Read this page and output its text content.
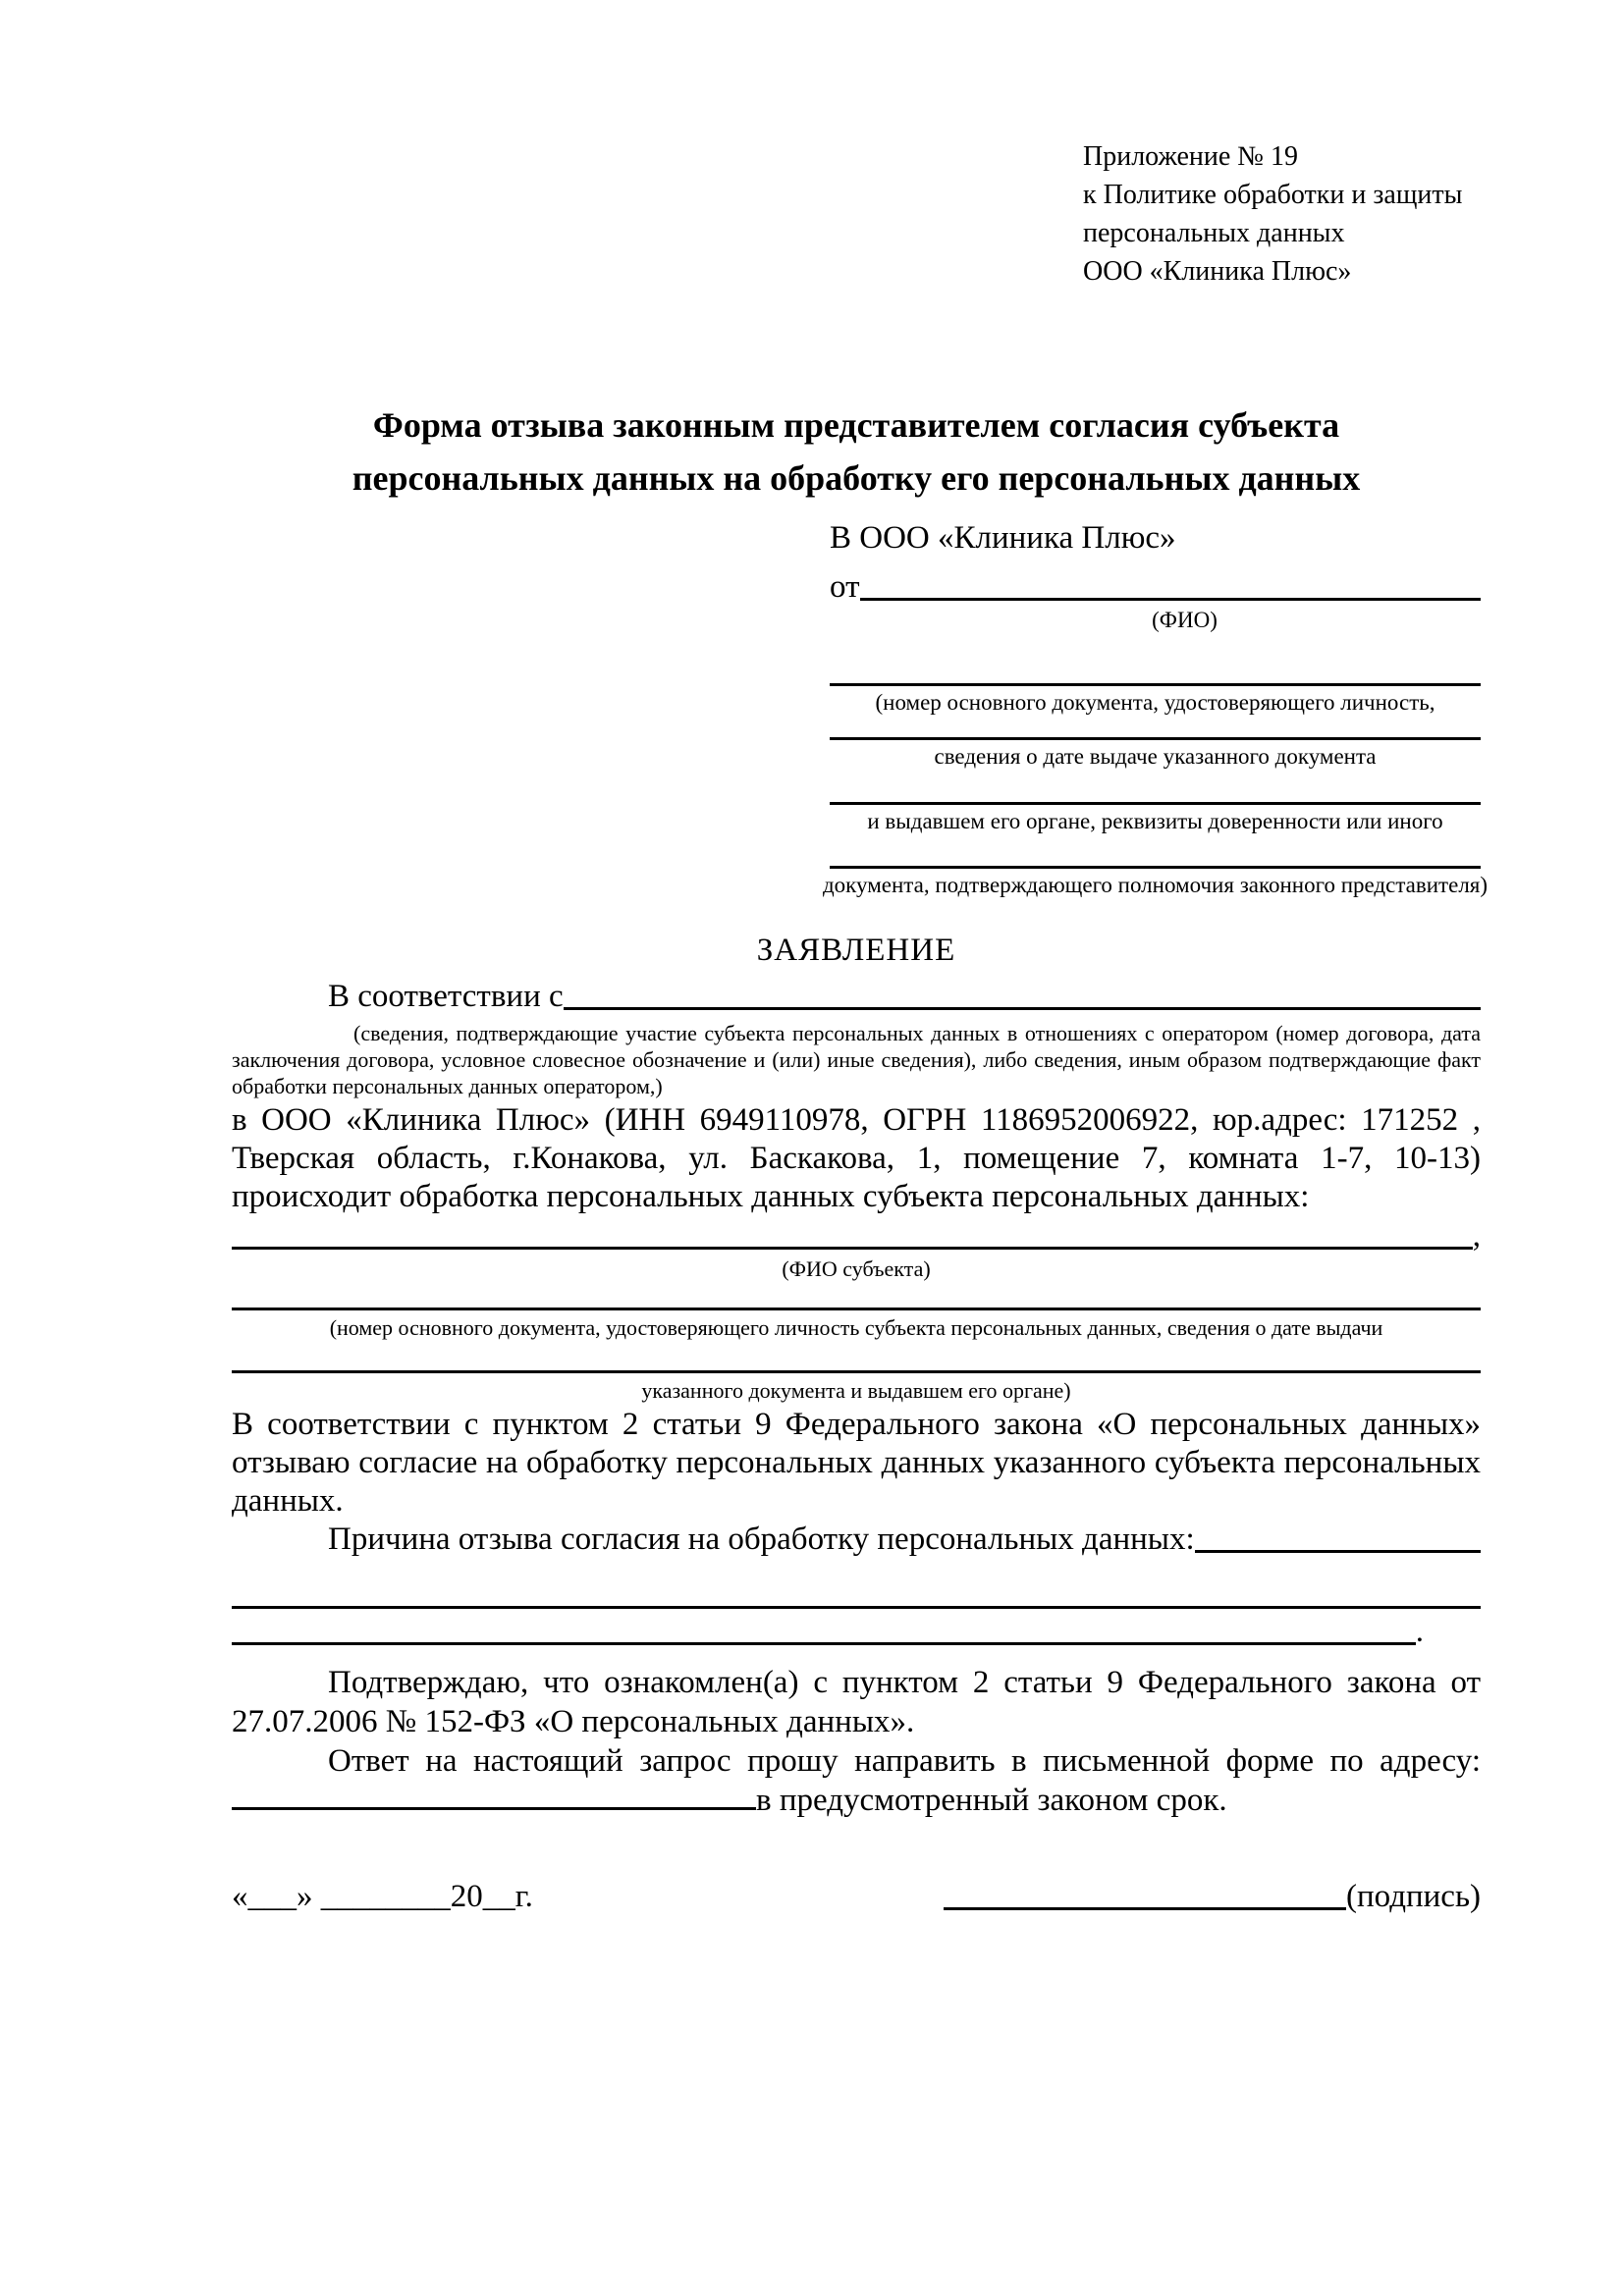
Приложение № 19
к Политике обработки и защиты
персональных данных
ООО «Клиника Плюс»
Форма отзыва законным представителем согласия субъекта
персональных данных на обработку его персональных данных
В ООО «Клиника Плюс»
от
(ФИО)
(номер основного документа, удостоверяющего личность,
сведения о дате выдаче указанного документа
и выдавшем его органе, реквизиты доверенности или иного
документа, подтверждающего полномочия законного представителя)
ЗАЯВЛЕНИЕ
В соответствии с
(сведения, подтверждающие участие субъекта персональных данных в отношениях с оператором (номер договора, дата заключения договора, условное словесное обозначение и (или) иные сведения), либо сведения, иным образом подтверждающие факт обработки персональных данных оператором,)
в ООО «Клиника Плюс» (ИНН 6949110978, ОГРН 1186952006922, юр.адрес: 171252 , Тверская область, г.Конакова, ул. Баскакова, 1, помещение 7, комната 1-7, 10-13) происходит обработка персональных данных субъекта персональных данных:
,
(ФИО субъекта)
(номер основного документа, удостоверяющего личность субъекта персональных данных, сведения о дате выдачи
указанного документа и выдавшем его органе)
В соответствии с пунктом 2 статьи 9 Федерального закона «О персональных данных» отзываю согласие на обработку персональных данных указанного субъекта персональных данных.
Причина отзыва согласия на обработку персональных данных:
.
Подтверждаю, что ознакомлен(а) с пунктом 2 статьи 9 Федерального закона от 27.07.2006 № 152-ФЗ «О персональных данных».
Ответ на настоящий запрос прошу направить в письменной форме по адресу: в предусмотренный законом срок.
«___» ________20__г.	(подпись)
